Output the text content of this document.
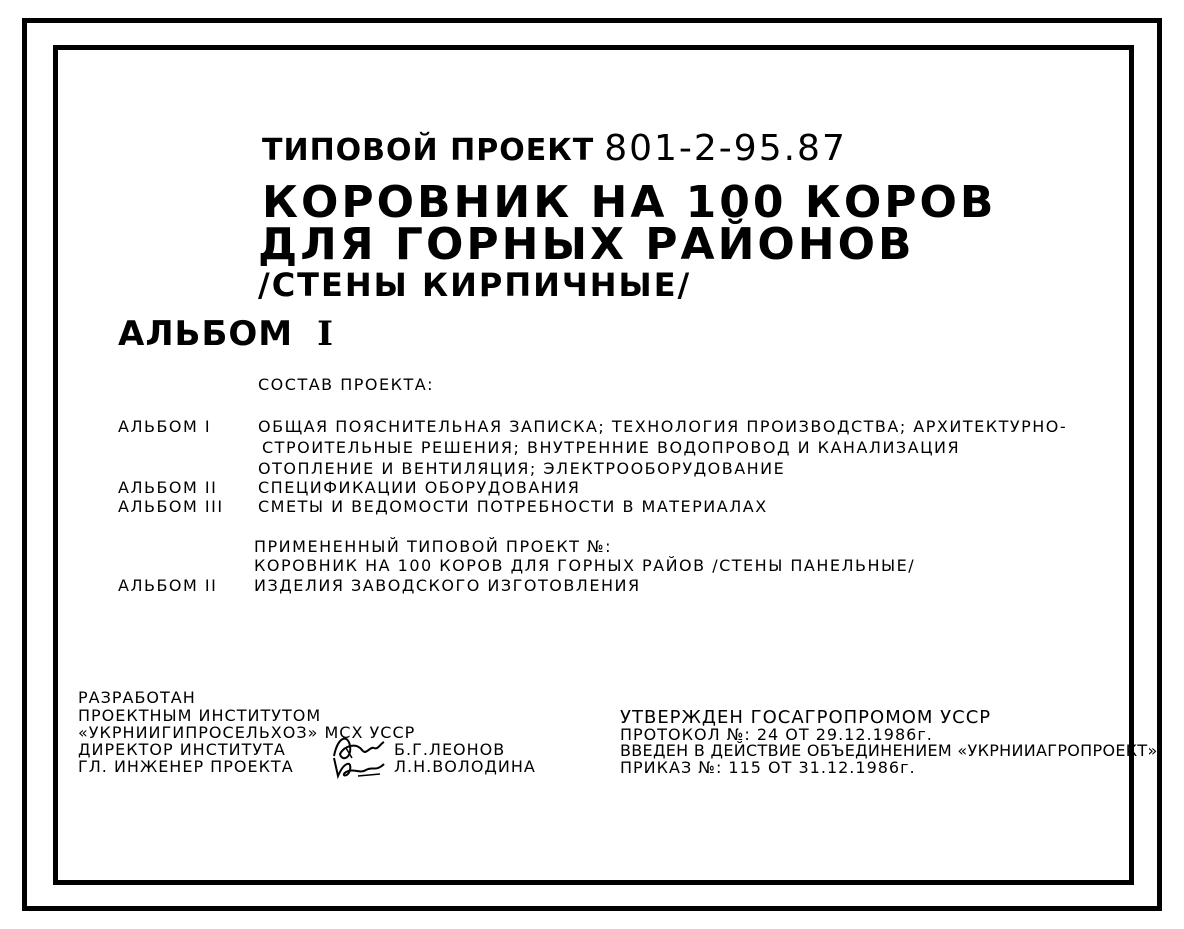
ТИПОВОЙ ПРОЕКТ 801-2-95.87
КОРОВНИК НА 100 КОРОВ
ДЛЯ ГОРНЫХ РАЙОНОВ
/СТЕНЫ КИРПИЧНЫЕ/
АЛЬБОМ I
СОСТАВ ПРОЕКТА:
АЛЬБОМ I	ОБЩАЯ ПОЯСНИТЕЛЬНАЯ ЗАПИСКА; ТЕХНОЛОГИЯ ПРОИЗВОДСТВА; АРХИТЕКТУРНО-
СТРОИТЕЛЬНЫЕ РЕШЕНИЯ; ВНУТРЕННИЕ ВОДОПРОВОД И КАНАЛИЗАЦИЯ
ОТОПЛЕНИЕ И ВЕНТИЛЯЦИЯ; ЭЛЕКТРООБОРУДОВАНИЕ
АЛЬБОМ II	СПЕЦИФИКАЦИИ ОБОРУДОВАНИЯ
АЛЬБОМ III СМЕТЫ И ВЕДОМОСТИ ПОТРЕБНОСТИ В МАТЕРИАЛАХ
ПРИМЕНЕННЫЙ ТИПОВОЙ ПРОЕКТ №:
КОРОВНИК НА 100 КОРОВ ДЛЯ ГОРНЫХ РАЙОВ /СТЕНЫ ПАНЕЛЬНЫЕ/
АЛЬБОМ II ИЗДЕЛИЯ ЗАВОДСКОГО ИЗГОТОВЛЕНИЯ
РАЗРАБОТАН
ПРОЕКТНЫМ ИНСТИТУТОМ
«УКРНИИГИПРОСЕЛЬХОЗ» МСХ УССР
ДИРЕКТОР ИНСТИТУТА	Б.Г.ЛЕОНОВ
ГЛ. ИНЖЕНЕР ПРОЕКТА	Л.Н.ВОЛОДИНА
УТВЕРЖДЕН ГОСАГРОПРОМОМ УССР
ПРОТОКОЛ №: 24 ОТ 29.12.1986г.
ВВЕДЕН В ДЕЙСТВИЕ ОБЪЕДИНЕНИЕМ «УКРНИИАГРОПРОЕКТ»
ПРИКАЗ №: 115 ОТ 31.12.1986г.
